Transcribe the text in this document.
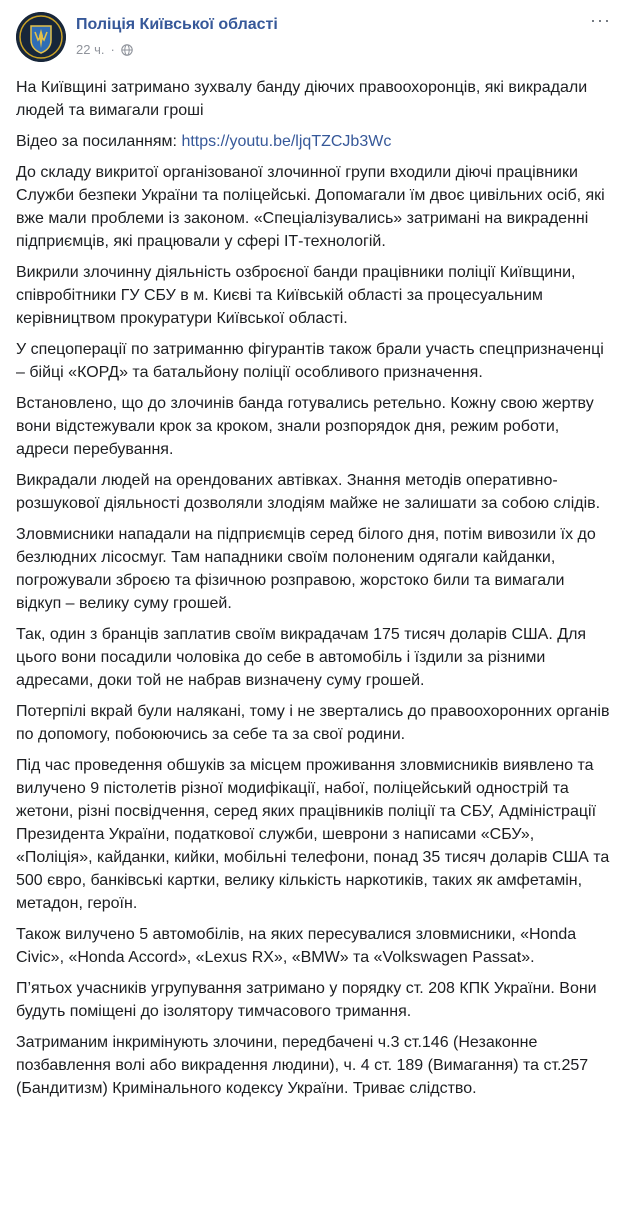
Поліція Київської області
22 ч. ·
···

На Київщині затримано зухвалу банду діючих правоохоронців, які викрадали людей та вимагали гроші

Відео за посиланням: https://youtu.be/ljqTZCJb3Wc

До складу викритої організованої злочинної групи входили діючі працівники Служби безпеки України та поліцейські. Допомагали їм двоє цивільних осіб, які вже мали проблеми із законом. «Спеціалізувались» затримані на викраденні підприємців, які працювали у сфері ІТ-технологій.

Викрили злочинну діяльність озброєної банди працівники поліції Київщини, співробітники ГУ СБУ в м. Києві та Київській області за процесуальним керівництвом прокуратури Київської області.

У спецоперації по затриманню фігурантів також брали участь спецпризначенці – бійці «КОРД» та батальйону поліції особливого призначення.

Встановлено, що до злочинів банда готувались ретельно. Кожну свою жертву вони відстежували крок за кроком, знали розпорядок дня, режим роботи, адреси перебування.

Викрадали людей на орендованих автівках. Знання методів оперативно-розшукової діяльності дозволяли злодіям майже не залишати за собою слідів.

Зловмисники нападали на підприємців серед білого дня, потім вивозили їх до безлюдних лісосмуг. Там нападники своїм полоненим одягали кайданки, погрожували зброєю та фізичною розправою, жорстоко били та вимагали відкуп – велику суму грошей.

Так, один з бранців заплатив своїм викрадачам 175 тисяч доларів США. Для цього вони посадили чоловіка до себе в автомобіль і їздили за різними адресами, доки той не набрав визначену суму грошей.

Потерпілі вкрай були налякані, тому і не звертались до правоохоронних органів по допомогу, побоюючись за себе та за свої родини.

Під час проведення обшуків за місцем проживання зловмисників виявлено та вилучено 9 пістолетів різної модифікації, набої, поліцейський однострій та жетони, різні посвідчення, серед яких працівників поліції та СБУ, Адміністрації Президента України, податкової служби, шеврони з написами «СБУ», «Поліція», кайданки, кийки, мобільні телефони, понад 35 тисяч доларів США та 500 євро, банківські картки, велику кількість наркотиків, таких як амфетамін, метадон, героїн.

Також вилучено 5 автомобілів, на яких пересувалися зловмисники, «Honda Civic», «Honda Accord», «Lexus RX», «BMW» та «Volkswagen Passat».

П’ятьох учасників угрупування затримано у порядку ст. 208 КПК України. Вони будуть поміщені до ізолятору тимчасового тримання.

Затриманим інкримінують злочини, передбачені ч.3 ст.146 (Незаконне позбавлення волі або викрадення людини), ч. 4 ст. 189 (Вимагання) та ст.257 (Бандитизм) Кримінального кодексу України. Триває слідство.
